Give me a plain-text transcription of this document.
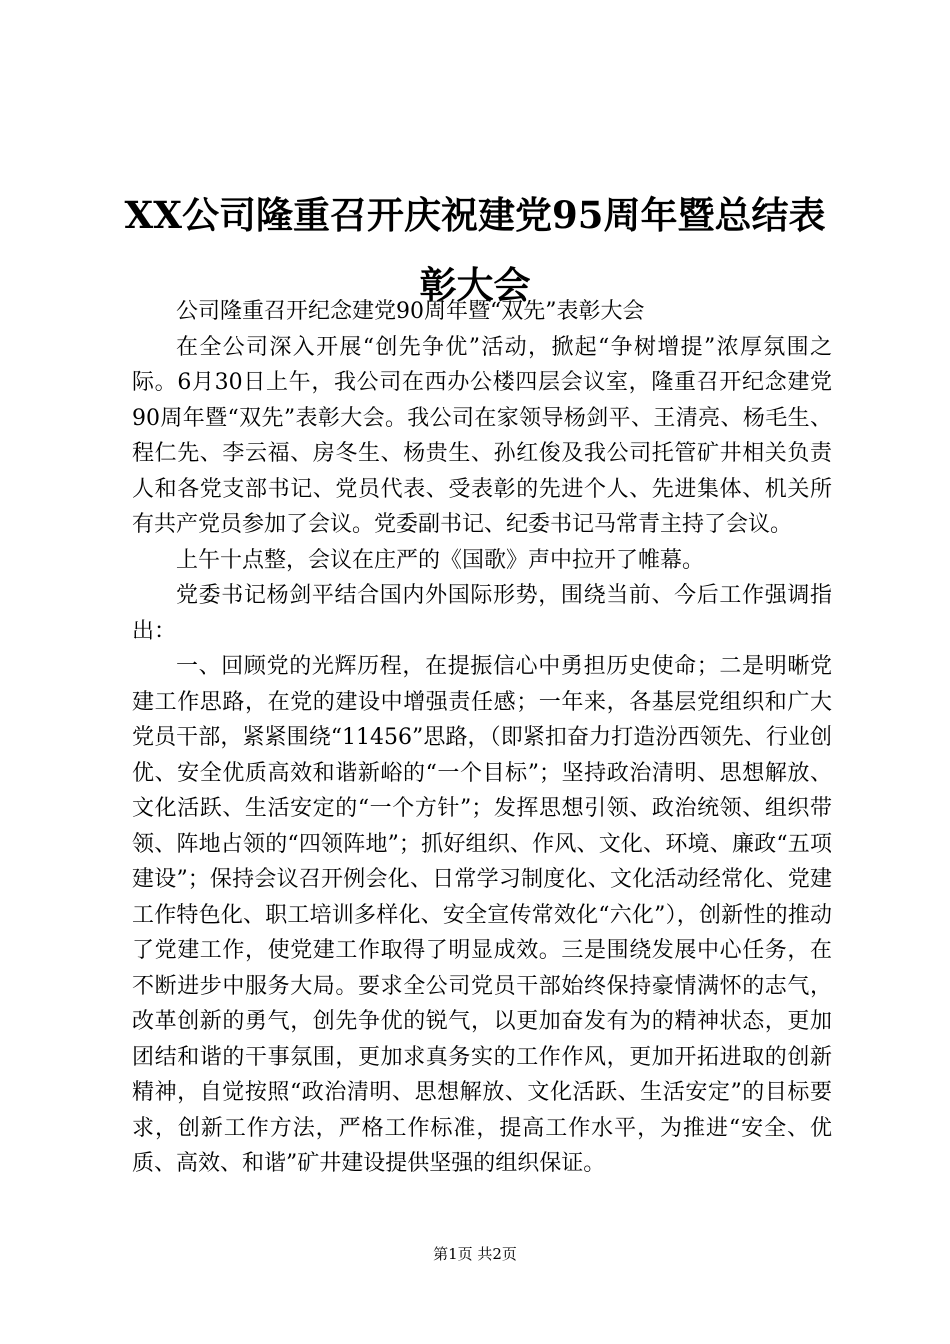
XX公司隆重召开庆祝建党95周年暨总结表彰大会

公司隆重召开纪念建党90周年暨“双先”表彰大会

在全公司深入开展“创先争优”活动，掀起“争树增提”浓厚氛围之际。6月30日上午，我公司在西办公楼四层会议室，隆重召开纪念建党90周年暨“双先”表彰大会。我公司在家领导杨剑平、王清亮、杨毛生、程仁先、李云福、房冬生、杨贵生、孙红俊及我公司托管矿井相关负责人和各党支部书记、党员代表、受表彰的先进个人、先进集体、机关所有共产党员参加了会议。党委副书记、纪委书记马常青主持了会议。

上午十点整，会议在庄严的《国歌》声中拉开了帷幕。

党委书记杨剑平结合国内外国际形势，围绕当前、今后工作强调指出：

一、回顾党的光辉历程，在提振信心中勇担历史使命；二是明晰党建工作思路，在党的建设中增强责任感；一年来，各基层党组织和广大党员干部，紧紧围绕“11456”思路，（即紧扣奋力打造汾西领先、行业创优、安全优质高效和谐新峪的“一个目标”；坚持政治清明、思想解放、文化活跃、生活安定的“一个方针”；发挥思想引领、政治统领、组织带领、阵地占领的“四领阵地”；抓好组织、作风、文化、环境、廉政“五项建设”；保持会议召开例会化、日常学习制度化、文化活动经常化、党建工作特色化、职工培训多样化、安全宣传常效化“六化”），创新性的推动了党建工作，使党建工作取得了明显成效。三是围绕发展中心任务，在不断进步中服务大局。要求全公司党员干部始终保持豪情满怀的志气，改革创新的勇气，创先争优的锐气，以更加奋发有为的精神状态，更加团结和谐的干事氛围，更加求真务实的工作作风，更加开拓进取的创新精神，自觉按照“政治清明、思想解放、文化活跃、生活安定”的目标要求，创新工作方法，严格工作标准，提高工作水平，为推进“安全、优质、高效、和谐”矿井建设提供坚强的组织保证。

第1页 共2页
